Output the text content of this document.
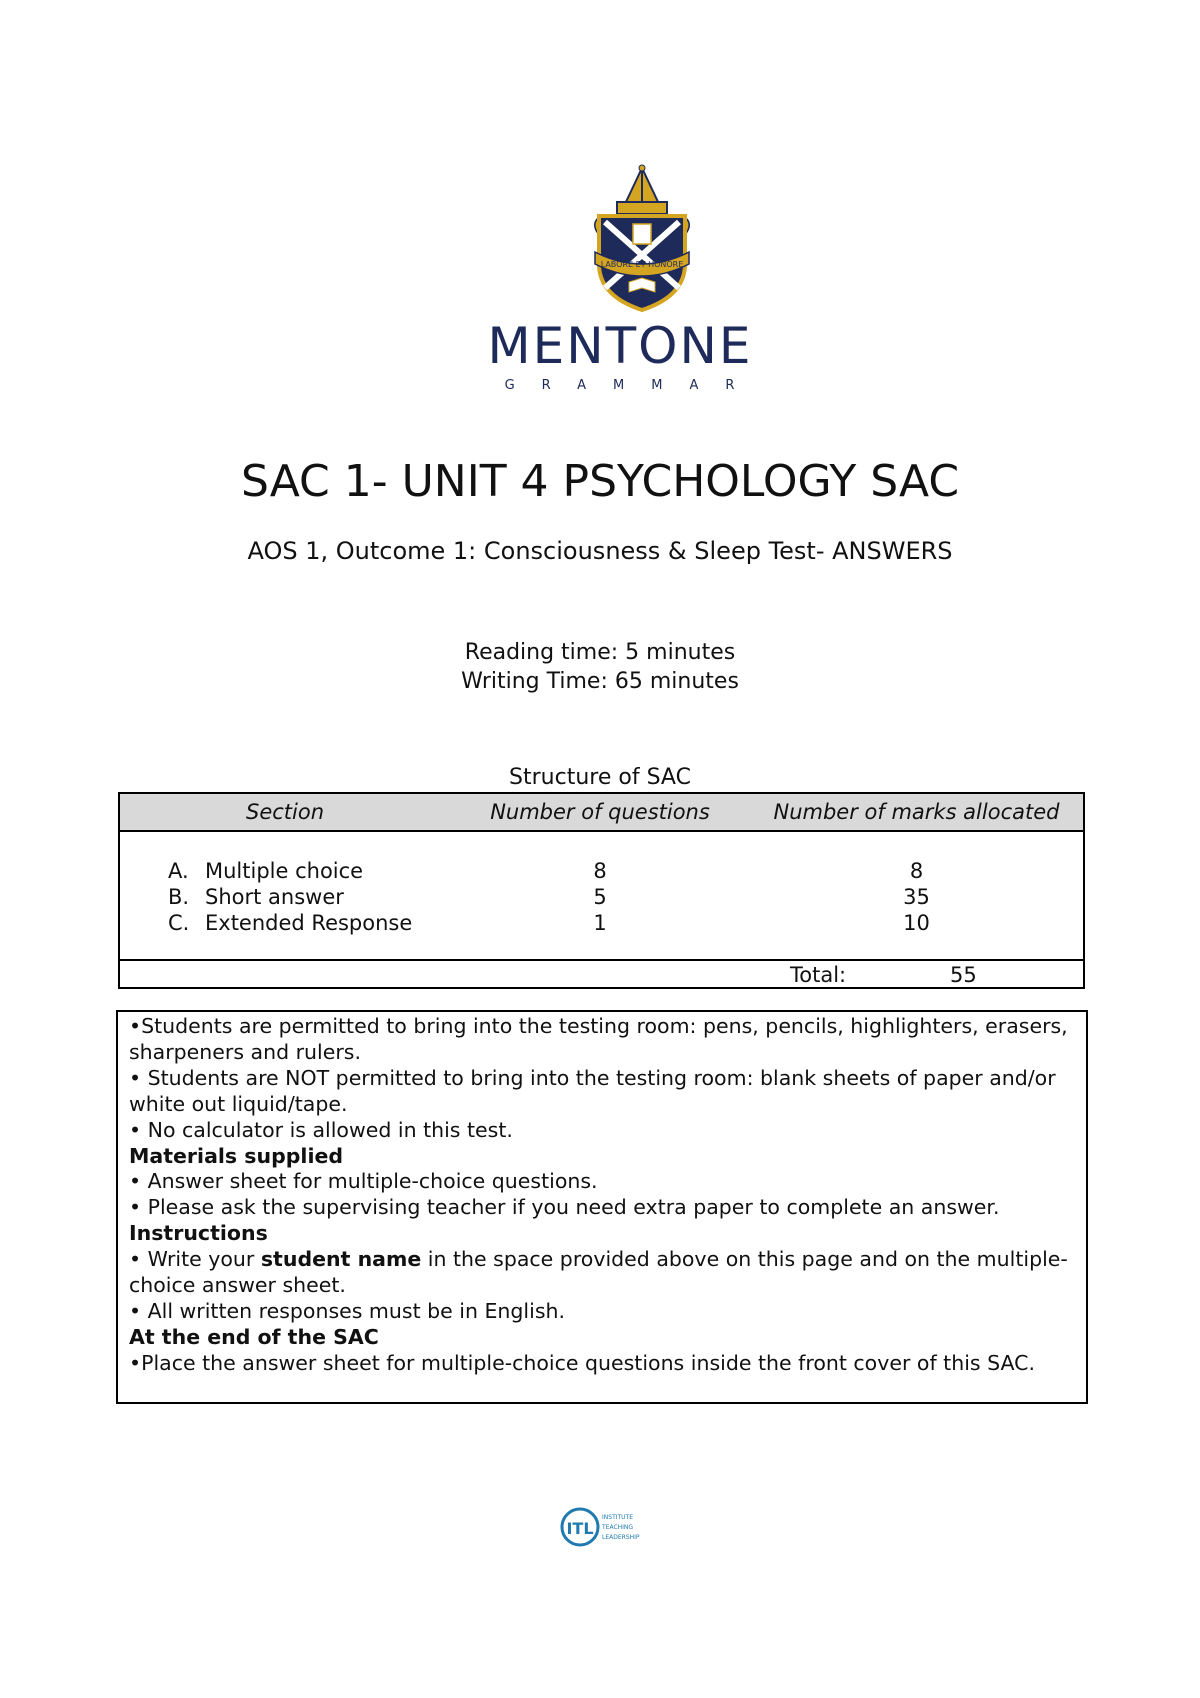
LABORE ET HONORE
MENTONE
GRAMMAR
SAC 1- UNIT 4 PSYCHOLOGY SAC
AOS 1, Outcome 1: Consciousness & Sleep Test- ANSWERS
Reading time: 5 minutes
Writing Time: 65 minutes
Structure of SAC
Section	Number of questions	Number of marks allocated
A. Multiple choice	8	8
B. Short answer	5	35
C. Extended Response	1	10
Total:	55

•Students are permitted to bring into the testing room: pens, pencils, highlighters, erasers, sharpeners and rulers.

• Students are NOT permitted to bring into the testing room: blank sheets of paper and/or white out liquid/tape.

• No calculator is allowed in this test.

Materials supplied

• Answer sheet for multiple-choice questions.

• Please ask the supervising teacher if you need extra paper to complete an answer.

Instructions

• Write your student name in the space provided above on this page and on the multiple-choice answer sheet.

• All written responses must be in English.

At the end of the SAC

•Place the answer sheet for multiple-choice questions inside the front cover of this SAC.

ITL
INSTITUTE
TEACHING
LEADERSHIP
